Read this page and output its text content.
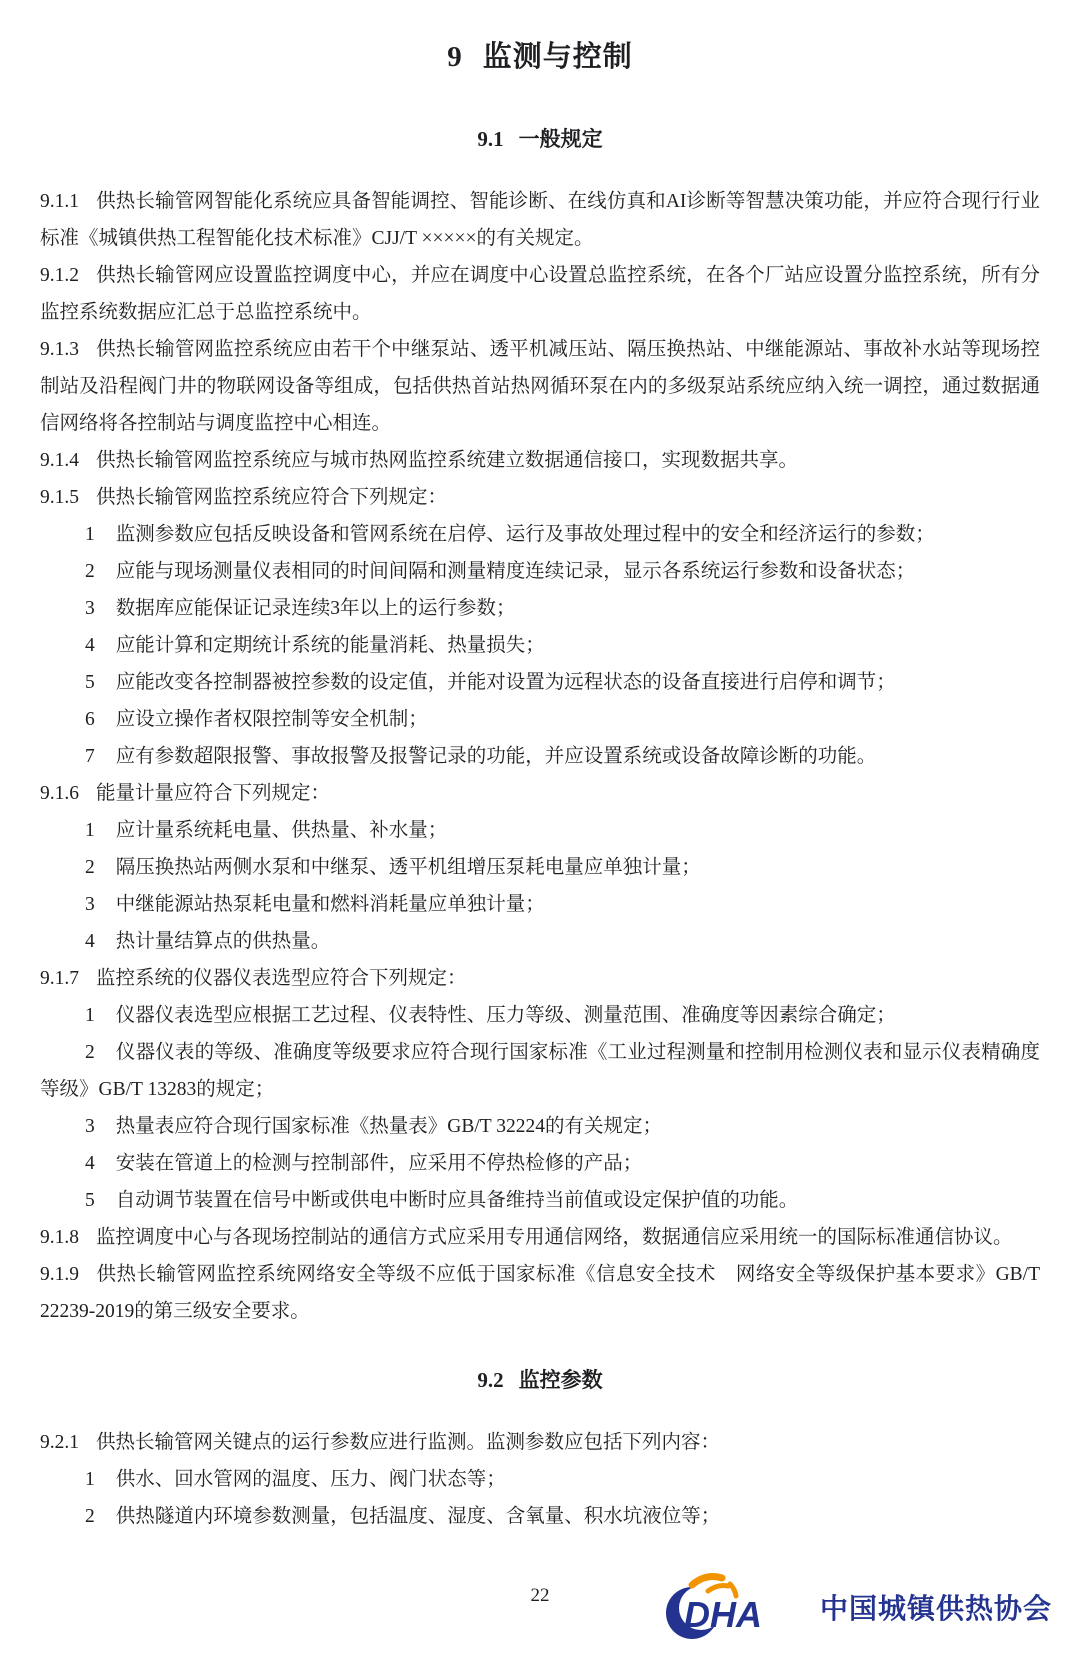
9 监测与控制
9.1 一般规定

9.1.1 供热长输管网智能化系统应具备智能调控、智能诊断、在线仿真和AI诊断等智慧决策功能，并应符合现行行业标准《城镇供热工程智能化技术标准》CJJ/T ×××××的有关规定。

9.1.2 供热长输管网应设置监控调度中心，并应在调度中心设置总监控系统，在各个厂站应设置分监控系统，所有分监控系统数据应汇总于总监控系统中。

9.1.3 供热长输管网监控系统应由若干个中继泵站、透平机减压站、隔压换热站、中继能源站、事故补水站等现场控制站及沿程阀门井的物联网设备等组成，包括供热首站热网循环泵在内的多级泵站系统应纳入统一调控，通过数据通信网络将各控制站与调度监控中心相连。

9.1.4 供热长输管网监控系统应与城市热网监控系统建立数据通信接口，实现数据共享。

9.1.5 供热长输管网监控系统应符合下列规定：

1 监测参数应包括反映设备和管网系统在启停、运行及事故处理过程中的安全和经济运行的参数；

2 应能与现场测量仪表相同的时间间隔和测量精度连续记录，显示各系统运行参数和设备状态；

3 数据库应能保证记录连续3年以上的运行参数；

4 应能计算和定期统计系统的能量消耗、热量损失；

5 应能改变各控制器被控参数的设定值，并能对设置为远程状态的设备直接进行启停和调节；

6 应设立操作者权限控制等安全机制；

7 应有参数超限报警、事故报警及报警记录的功能，并应设置系统或设备故障诊断的功能。

9.1.6 能量计量应符合下列规定：

1 应计量系统耗电量、供热量、补水量；

2 隔压换热站两侧水泵和中继泵、透平机组增压泵耗电量应单独计量；

3 中继能源站热泵耗电量和燃料消耗量应单独计量；

4 热计量结算点的供热量。

9.1.7 监控系统的仪器仪表选型应符合下列规定：

1 仪器仪表选型应根据工艺过程、仪表特性、压力等级、测量范围、准确度等因素综合确定；

2 仪器仪表的等级、准确度等级要求应符合现行国家标准《工业过程测量和控制用检测仪表和显示仪表精确度等级》GB/T 13283的规定；

3 热量表应符合现行国家标准《热量表》GB/T 32224的有关规定；

4 安装在管道上的检测与控制部件，应采用不停热检修的产品；

5 自动调节装置在信号中断或供电中断时应具备维持当前值或设定保护值的功能。

9.1.8 监控调度中心与各现场控制站的通信方式应采用专用通信网络，数据通信应采用统一的国际标准通信协议。

9.1.9 供热长输管网监控系统网络安全等级不应低于国家标准《信息安全技术　网络安全等级保护基本要求》GB/T 22239-2019的第三级安全要求。

9.2 监控参数

9.2.1 供热长输管网关键点的运行参数应进行监测。监测参数应包括下列内容：

1 供水、回水管网的温度、压力、阀门状态等；

2 供热隧道内环境参数测量，包括温度、湿度、含氧量、积水坑液位等；

22	DHA 中国城镇供热协会
